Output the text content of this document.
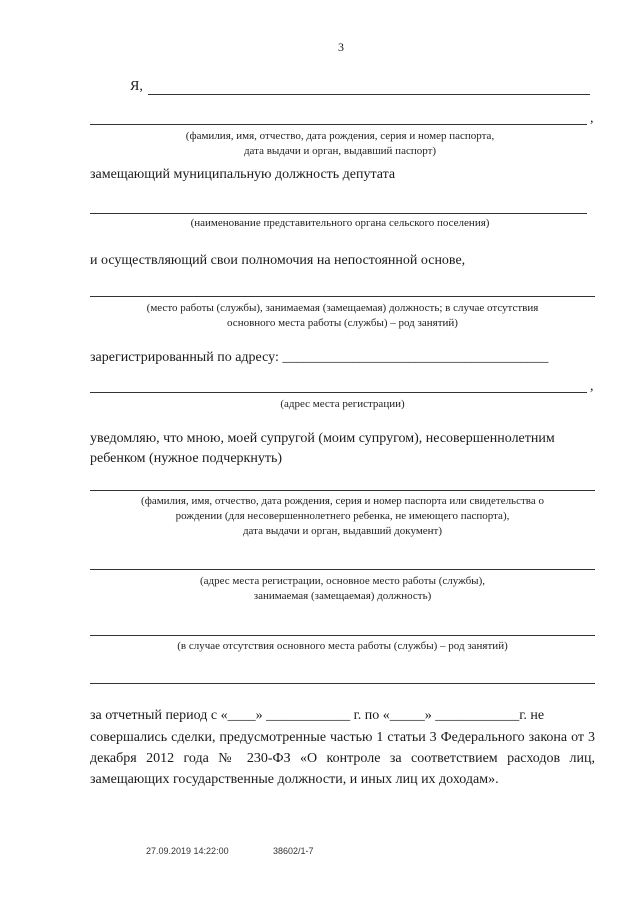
3
Я,
,
(фамилия, имя, отчество, дата рождения, серия и номер паспорта,
дата выдачи и орган, выдавший паспорт)
замещающий муниципальную должность депутата
(наименование представительного органа сельского поселения)
и осуществляющий свои полномочия на непостоянной основе,
(место работы (службы), занимаемая (замещаемая) должность; в случае отсутствия
основного места работы (службы) – род занятий)
зарегистрированный по адресу: ______________________________________
,
(адрес места регистрации)
уведомляю, что мною, моей супругой (моим супругом), несовершеннолетним
ребенком (нужное подчеркнуть)
(фамилия, имя, отчество, дата рождения, серия и номер паспорта или свидетельства о
рождении (для несовершеннолетнего ребенка, не имеющего паспорта),
дата выдачи и орган, выдавший документ)
(адрес места регистрации, основное место работы (службы),
занимаемая (замещаемая) должность)
(в случае отсутствия основного места работы (службы) – род занятий)
за отчетный период с «____» ____________ г. по «_____» ____________г. не
совершались сделки, предусмотренные частью 1 статьи 3 Федерального закона от 3 декабря 2012 года № 230-ФЗ «О контроле за соответствием расходов лиц, замещающих государственные должности, и иных лиц их доходам».
27.09.2019 14:22:00	38602/1-7
